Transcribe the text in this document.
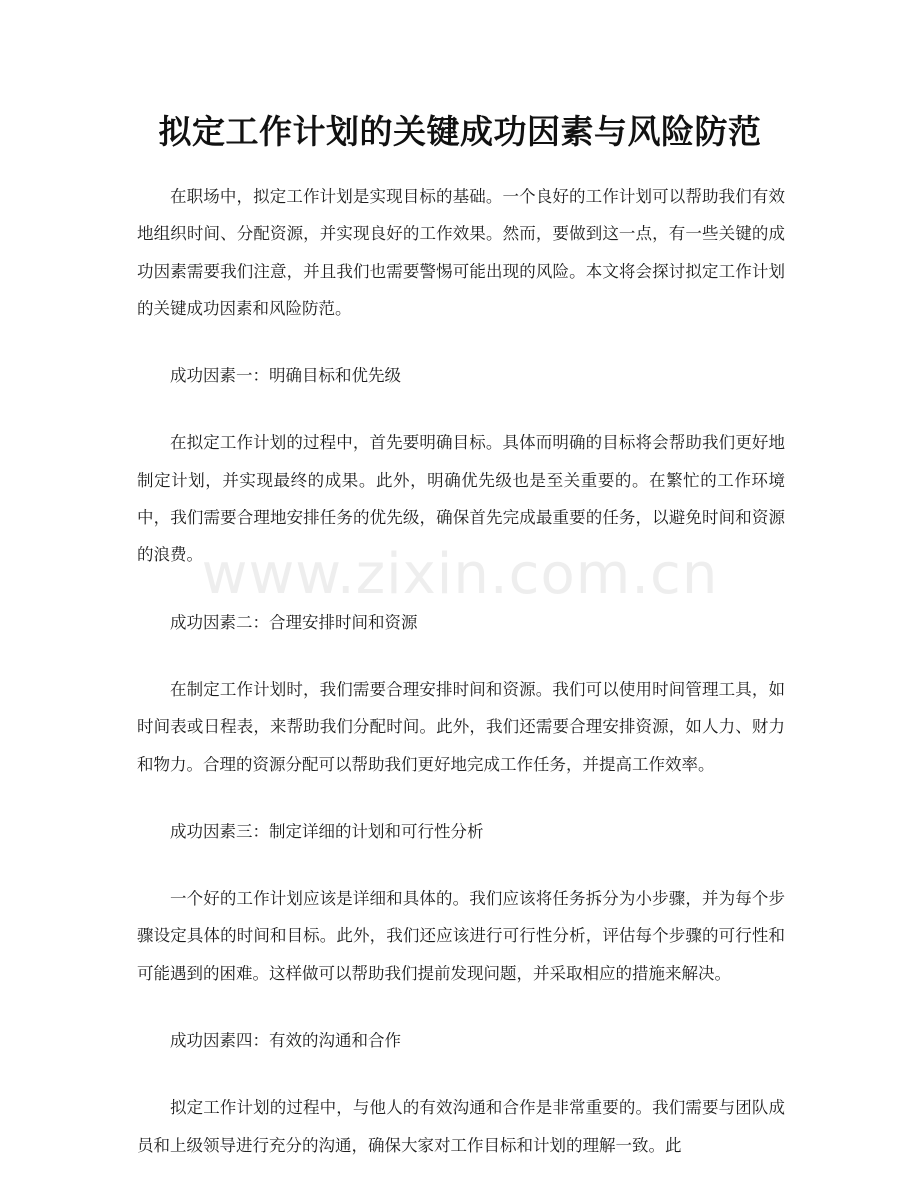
拟定工作计划的关键成功因素与风险防范

在职场中，拟定工作计划是实现目标的基础。一个良好的工作计划可以帮助我们有效地组织时间、分配资源，并实现良好的工作效果。然而，要做到这一点，有一些关键的成功因素需要我们注意，并且我们也需要警惕可能出现的风险。本文将会探讨拟定工作计划的关键成功因素和风险防范。

成功因素一：明确目标和优先级

在拟定工作计划的过程中，首先要明确目标。具体而明确的目标将会帮助我们更好地制定计划，并实现最终的成果。此外，明确优先级也是至关重要的。在繁忙的工作环境中，我们需要合理地安排任务的优先级，确保首先完成最重要的任务，以避免时间和资源的浪费。

成功因素二：合理安排时间和资源

在制定工作计划时，我们需要合理安排时间和资源。我们可以使用时间管理工具，如时间表或日程表，来帮助我们分配时间。此外，我们还需要合理安排资源，如人力、财力和物力。合理的资源分配可以帮助我们更好地完成工作任务，并提高工作效率。

成功因素三：制定详细的计划和可行性分析

一个好的工作计划应该是详细和具体的。我们应该将任务拆分为小步骤，并为每个步骤设定具体的时间和目标。此外，我们还应该进行可行性分析，评估每个步骤的可行性和可能遇到的困难。这样做可以帮助我们提前发现问题，并采取相应的措施来解决。

成功因素四：有效的沟通和合作

拟定工作计划的过程中，与他人的有效沟通和合作是非常重要的。我们需要与团队成员和上级领导进行充分的沟通，确保大家对工作目标和计划的理解一致。此

www.zixin.com.cn
